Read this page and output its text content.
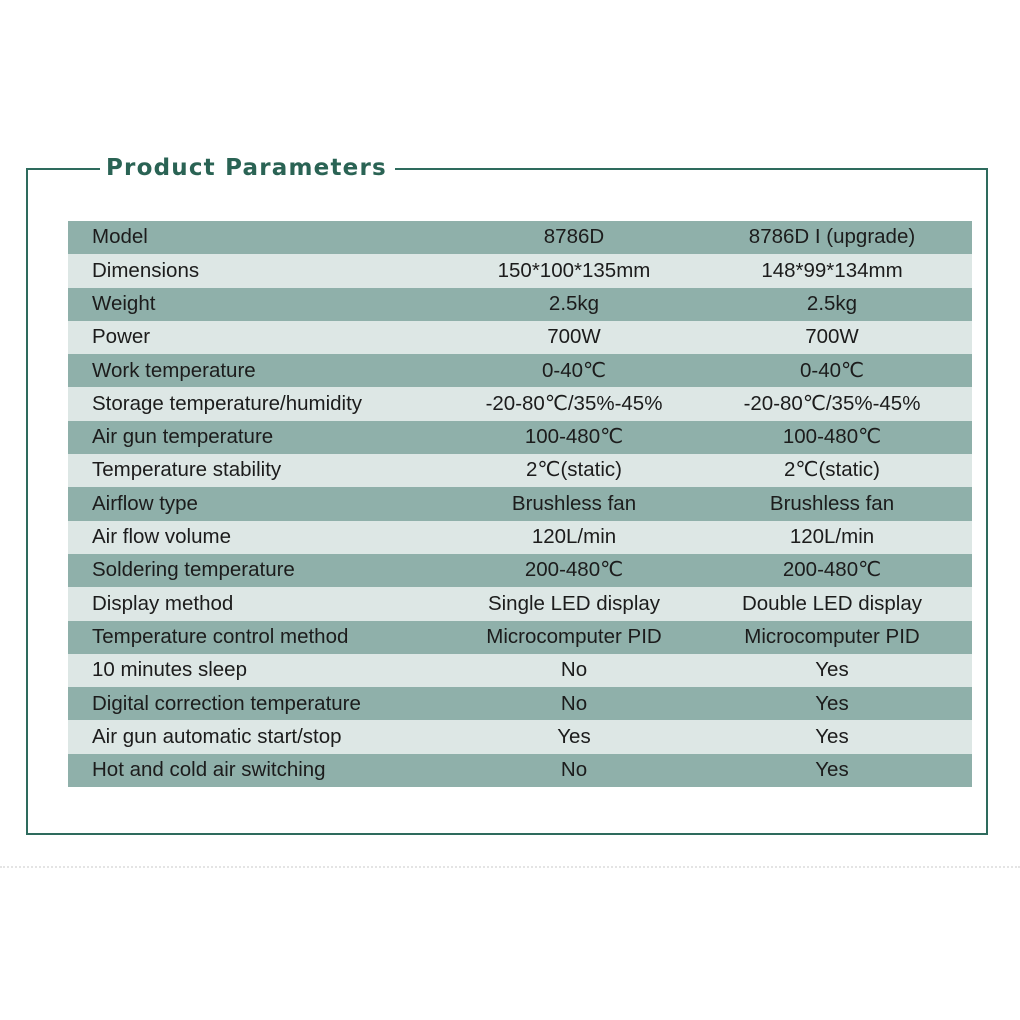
Product Parameters
Model	8786D	8786D I (upgrade)
Dimensions	150*100*135mm	148*99*134mm
Weight	2.5kg	2.5kg
Power	700W	700W
Work temperature	0-40℃	0-40℃
Storage temperature/humidity	-20-80℃/35%-45%	-20-80℃/35%-45%
Air gun temperature	100-480℃	100-480℃
Temperature stability	2℃(static)	2℃(static)
Airflow type	Brushless fan	Brushless fan
Air flow volume	120L/min	120L/min
Soldering temperature	200-480℃	200-480℃
Display method	Single LED display	Double LED display
Temperature control method	Microcomputer PID	Microcomputer PID
10 minutes sleep	No	Yes
Digital correction temperature	No	Yes
Air gun automatic start/stop	Yes	Yes
Hot and cold air switching	No	Yes
